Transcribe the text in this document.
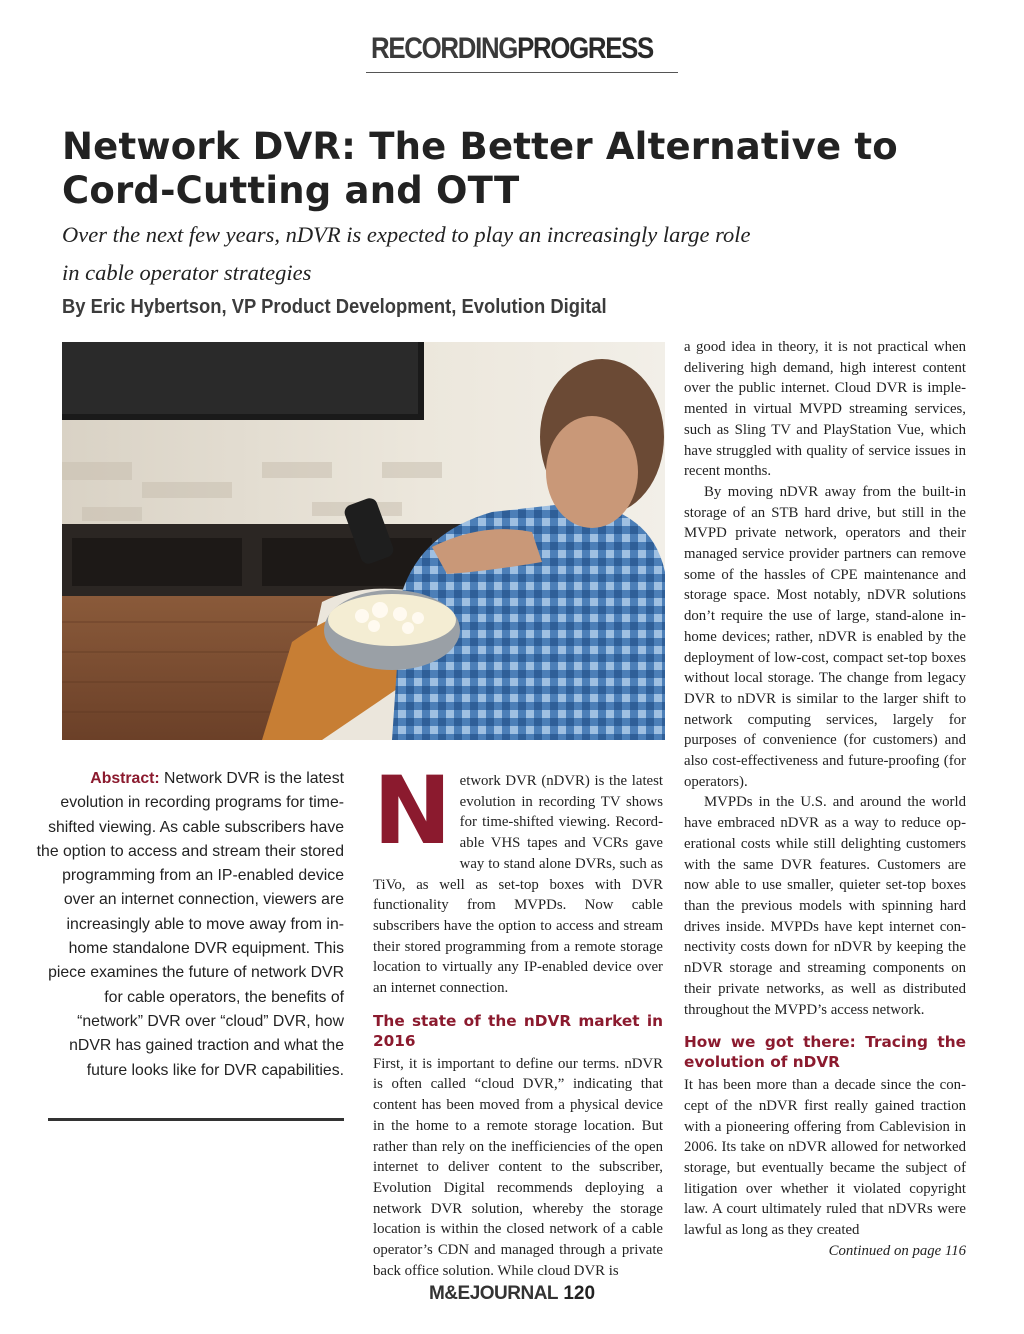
RECORDINGPROGRESS
Network DVR: The Better Alternative to Cord-Cutting and OTT
Over the next few years, nDVR is expected to play an increasingly large role in cable operator strategies
By Eric Hybertson, VP Product Development, Evolution Digital
Abstract: Network DVR is the latest evolution in recording programs for time-shifted viewing. As cable subscribers have the option to access and stream their stored programming from an IP-enabled device over an internet connection, viewers are increasingly able to move away from in-home standalone DVR equipment. This piece examines the future of network DVR for cable operators, the benefits of “network” DVR over “cloud” DVR, how nDVR has gained traction and what the future looks like for DVR capabilities.

Network DVR (nDVR) is the latest evolution in recording TV shows for time-shifted viewing. Recordable VHS tapes and VCRs gave way to stand alone DVRs, such as TiVo, as well as set-top boxes with DVR functionality from MVPDs. Now cable subscribers have the option to access and stream their stored programming from a remote storage location to virtually any IP-enabled device over an internet connection.

The state of the nDVR market in 2016

First, it is important to define our terms. nDVR is often called “cloud DVR,” indicating that content has been moved from a physical device in the home to a remote storage location. But rather than rely on the inefficiencies of the open internet to deliver content to the subscriber, Evolution Digital recommends deploying a network DVR solution, whereby the storage location is within the closed network of a cable operator’s CDN and managed through a private back office solution. While cloud DVR is

a good idea in theory, it is not practical when delivering high demand, high interest content over the public internet. Cloud DVR is implemented in virtual MVPD streaming services, such as Sling TV and PlayStation Vue, which have struggled with quality of service issues in recent months.

By moving nDVR away from the built-in storage of an STB hard drive, but still in the MVPD private network, operators and their managed service provider partners can remove some of the hassles of CPE maintenance and storage space. Most notably, nDVR solutions don’t require the use of large, stand-alone in-home devices; rather, nDVR is enabled by the deployment of low-cost, compact set-top boxes without local storage. The change from legacy DVR to nDVR is similar to the larger shift to network computing services, largely for purposes of convenience (for customers) and also cost-effectiveness and future-proofing (for operators).

MVPDs in the U.S. and around the world have embraced nDVR as a way to reduce operational costs while still delighting customers with the same DVR features. Customers are now able to use smaller, quieter set-top boxes than the previous models with spinning hard drives inside. MVPDs have kept internet connectivity costs down for nDVR by keeping the nDVR storage and streaming components on their private networks, as well as distributed throughout the MVPD’s access network.

How we got there: Tracing the evolution of nDVR

It has been more than a decade since the concept of the nDVR first really gained traction with a pioneering offering from Cablevision in 2006. Its take on nDVR allowed for networked storage, but eventually became the subject of litigation over whether it violated copyright law. A court ultimately ruled that nDVRs were lawful as long as they created

Continued on page 116

M&EJOURNAL 120
